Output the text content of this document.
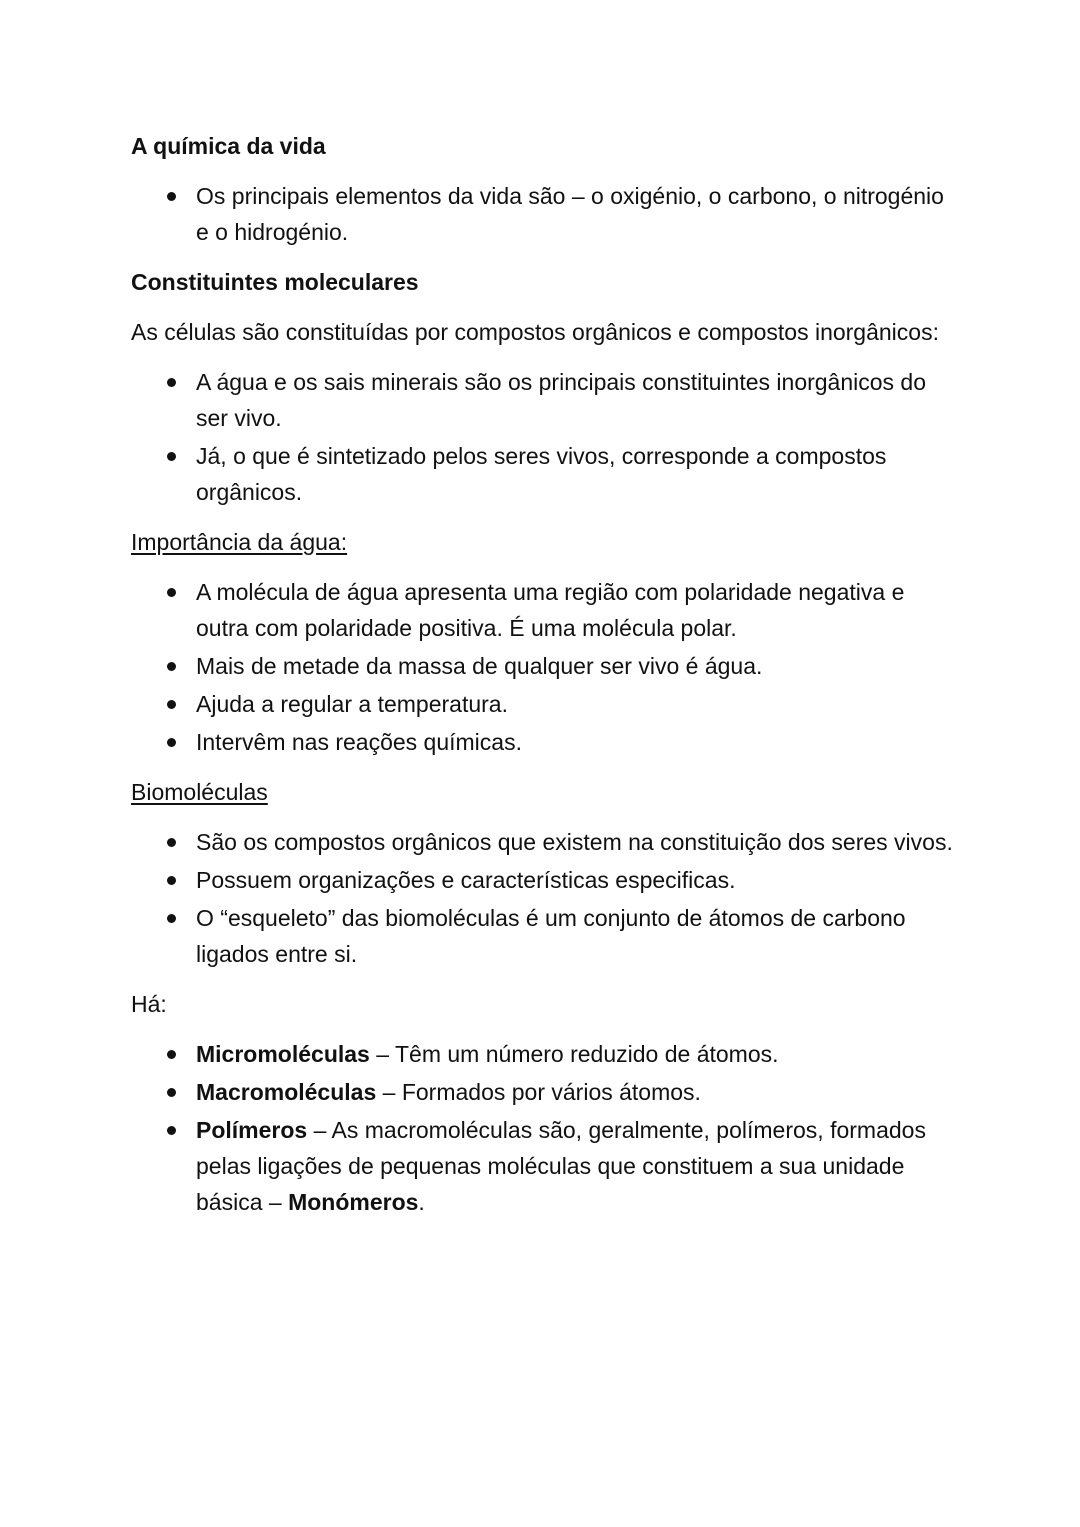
A química da vida
Os principais elementos da vida são – o oxigénio, o carbono, o nitrogénio e o hidrogénio.
Constituintes moleculares
As células são constituídas por compostos orgânicos e compostos inorgânicos:
A água e os sais minerais são os principais constituintes inorgânicos do ser vivo.
Já, o que é sintetizado pelos seres vivos, corresponde a compostos orgânicos.
Importância da água:
A molécula de água apresenta uma região com polaridade negativa e outra com polaridade positiva. É uma molécula polar.
Mais de metade da massa de qualquer ser vivo é água.
Ajuda a regular a temperatura.
Intervêm nas reações químicas.
Biomoléculas
São os compostos orgânicos que existem na constituição dos seres vivos.
Possuem organizações e características especificas.
O “esqueleto” das biomoléculas é um conjunto de átomos de carbono ligados entre si.
Há:
Micromoléculas – Têm um número reduzido de átomos.
Macromoléculas – Formados por vários átomos.
Polímeros – As macromoléculas são, geralmente, polímeros, formados pelas ligações de pequenas moléculas que constituem a sua unidade básica – Monómeros.
